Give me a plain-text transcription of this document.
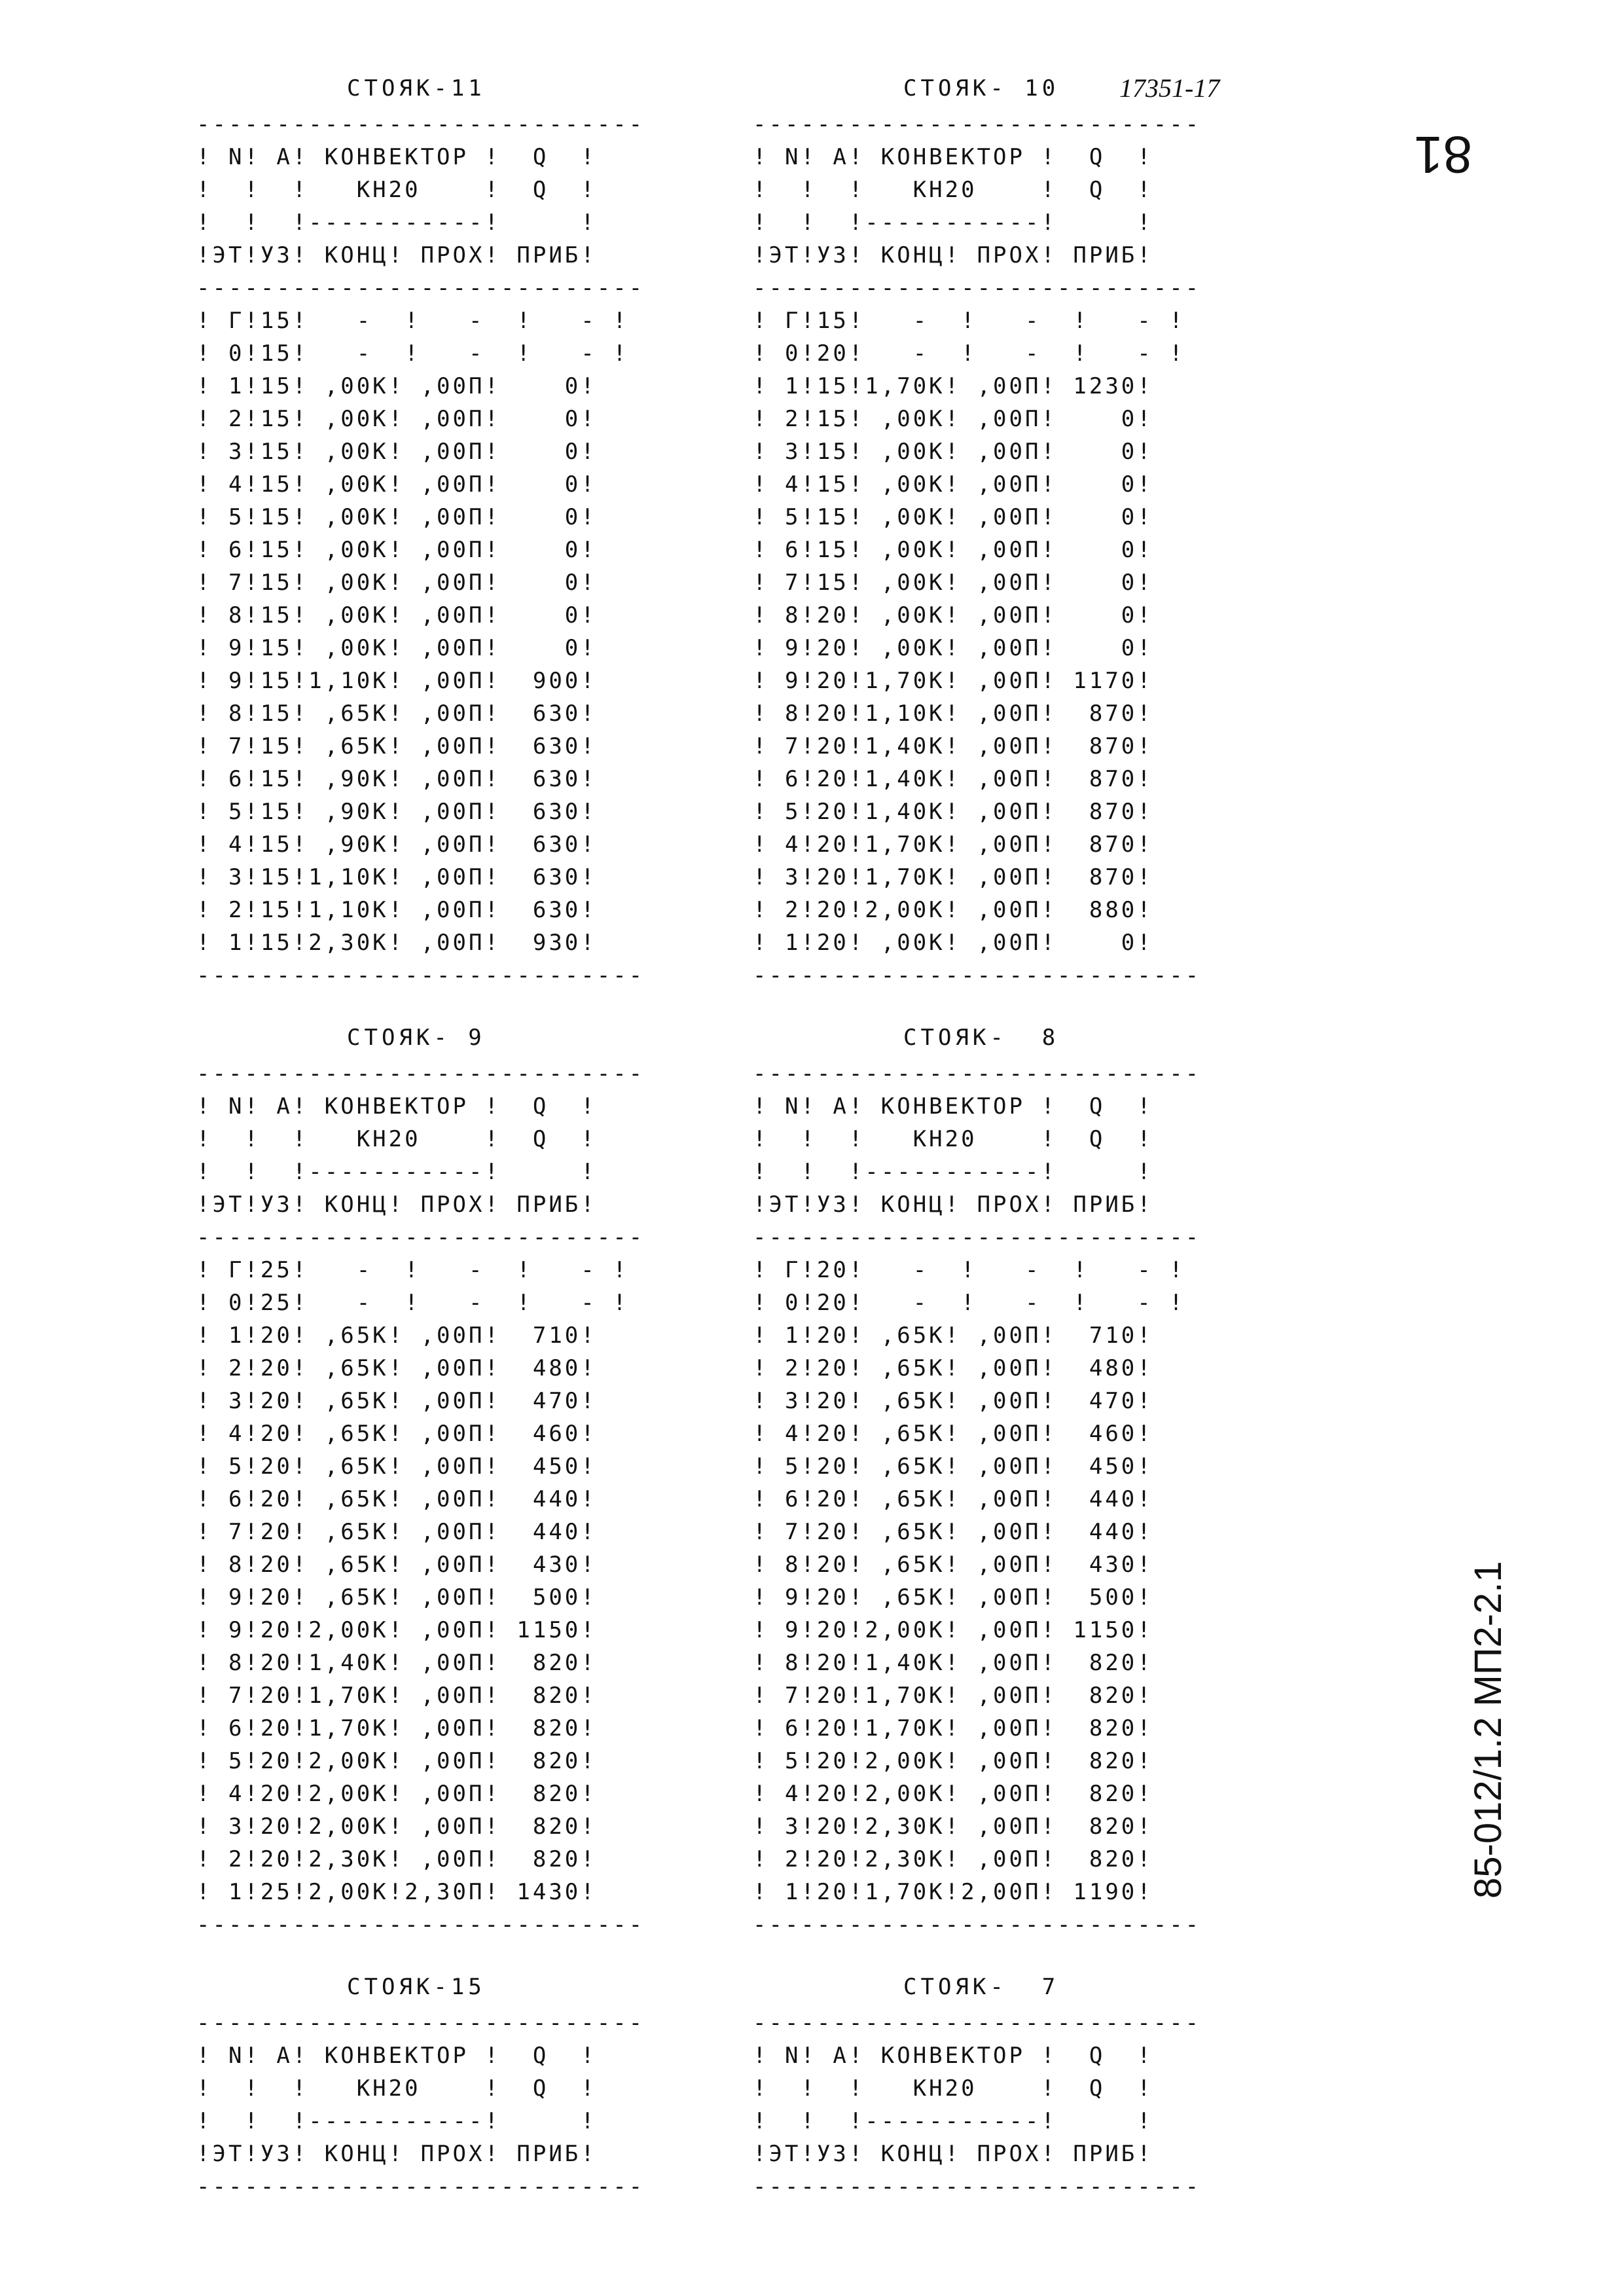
81
85-012/1.2 МП2-2.1
СТОЯК-11
----------------------------
! N! А! КОНВЕКТОР !  Q  !
!  !  !   КН20    !  Q  !
!  !  !-----------!     !
!ЭТ!УЗ! КОНЦ! ПРОХ! ПРИБ!
----------------------------
! Г!15!   -  !   -  !   - !
! 0!15!   -  !   -  !   - !
! 1!15! ,00К! ,00П!    0!
! 2!15! ,00К! ,00П!    0!
! 3!15! ,00К! ,00П!    0!
! 4!15! ,00К! ,00П!    0!
! 5!15! ,00К! ,00П!    0!
! 6!15! ,00К! ,00П!    0!
! 7!15! ,00К! ,00П!    0!
! 8!15! ,00К! ,00П!    0!
! 9!15! ,00К! ,00П!    0!
! 9!15!1,10К! ,00П!  900!
! 8!15! ,65К! ,00П!  630!
! 7!15! ,65К! ,00П!  630!
! 6!15! ,90К! ,00П!  630!
! 5!15! ,90К! ,00П!  630!
! 4!15! ,90К! ,00П!  630!
! 3!15!1,10К! ,00П!  630!
! 2!15!1,10К! ,00П!  630!
! 1!15!2,30К! ,00П!  930!
----------------------------
СТОЯК- 10 17351-17
----------------------------
! N! А! КОНВЕКТОР !  Q  !
!  !  !   КН20    !  Q  !
!  !  !-----------!     !
!ЭТ!УЗ! КОНЦ! ПРОХ! ПРИБ!
----------------------------
! Г!15!   -  !   -  !   - !
! 0!20!   -  !   -  !   - !
! 1!15!1,70К! ,00П! 1230!
! 2!15! ,00К! ,00П!    0!
! 3!15! ,00К! ,00П!    0!
! 4!15! ,00К! ,00П!    0!
! 5!15! ,00К! ,00П!    0!
! 6!15! ,00К! ,00П!    0!
! 7!15! ,00К! ,00П!    0!
! 8!20! ,00К! ,00П!    0!
! 9!20! ,00К! ,00П!    0!
! 9!20!1,70К! ,00П! 1170!
! 8!20!1,10К! ,00П!  870!
! 7!20!1,40К! ,00П!  870!
! 6!20!1,40К! ,00П!  870!
! 5!20!1,40К! ,00П!  870!
! 4!20!1,70К! ,00П!  870!
! 3!20!1,70К! ,00П!  870!
! 2!20!2,00К! ,00П!  880!
! 1!20! ,00К! ,00П!    0!
----------------------------
СТОЯК- 9
----------------------------
! N! А! КОНВЕКТОР !  Q  !
!  !  !   КН20    !  Q  !
!  !  !-----------!     !
!ЭТ!УЗ! КОНЦ! ПРОХ! ПРИБ!
----------------------------
! Г!25!   -  !   -  !   - !
! 0!25!   -  !   -  !   - !
! 1!20! ,65К! ,00П!  710!
! 2!20! ,65К! ,00П!  480!
! 3!20! ,65К! ,00П!  470!
! 4!20! ,65К! ,00П!  460!
! 5!20! ,65К! ,00П!  450!
! 6!20! ,65К! ,00П!  440!
! 7!20! ,65К! ,00П!  440!
! 8!20! ,65К! ,00П!  430!
! 9!20! ,65К! ,00П!  500!
! 9!20!2,00К! ,00П! 1150!
! 8!20!1,40К! ,00П!  820!
! 7!20!1,70К! ,00П!  820!
! 6!20!1,70К! ,00П!  820!
! 5!20!2,00К! ,00П!  820!
! 4!20!2,00К! ,00П!  820!
! 3!20!2,00К! ,00П!  820!
! 2!20!2,30К! ,00П!  820!
! 1!25!2,00К!2,30П! 1430!
----------------------------
СТОЯК-  8
----------------------------
! N! А! КОНВЕКТОР !  Q  !
!  !  !   КН20    !  Q  !
!  !  !-----------!     !
!ЭТ!УЗ! КОНЦ! ПРОХ! ПРИБ!
----------------------------
! Г!20!   -  !   -  !   - !
! 0!20!   -  !   -  !   - !
! 1!20! ,65К! ,00П!  710!
! 2!20! ,65К! ,00П!  480!
! 3!20! ,65К! ,00П!  470!
! 4!20! ,65К! ,00П!  460!
! 5!20! ,65К! ,00П!  450!
! 6!20! ,65К! ,00П!  440!
! 7!20! ,65К! ,00П!  440!
! 8!20! ,65К! ,00П!  430!
! 9!20! ,65К! ,00П!  500!
! 9!20!2,00К! ,00П! 1150!
! 8!20!1,40К! ,00П!  820!
! 7!20!1,70К! ,00П!  820!
! 6!20!1,70К! ,00П!  820!
! 5!20!2,00К! ,00П!  820!
! 4!20!2,00К! ,00П!  820!
! 3!20!2,30К! ,00П!  820!
! 2!20!2,30К! ,00П!  820!
! 1!20!1,70К!2,00П! 1190!
----------------------------
СТОЯК-15
----------------------------
! N! А! КОНВЕКТОР !  Q  !
!  !  !   КН20    !  Q  !
!  !  !-----------!     !
!ЭТ!УЗ! КОНЦ! ПРОХ! ПРИБ!
----------------------------
СТОЯК-  7
----------------------------
! N! А! КОНВЕКТОР !  Q  !
!  !  !   КН20    !  Q  !
!  !  !-----------!     !
!ЭТ!УЗ! КОНЦ! ПРОХ! ПРИБ!
----------------------------
